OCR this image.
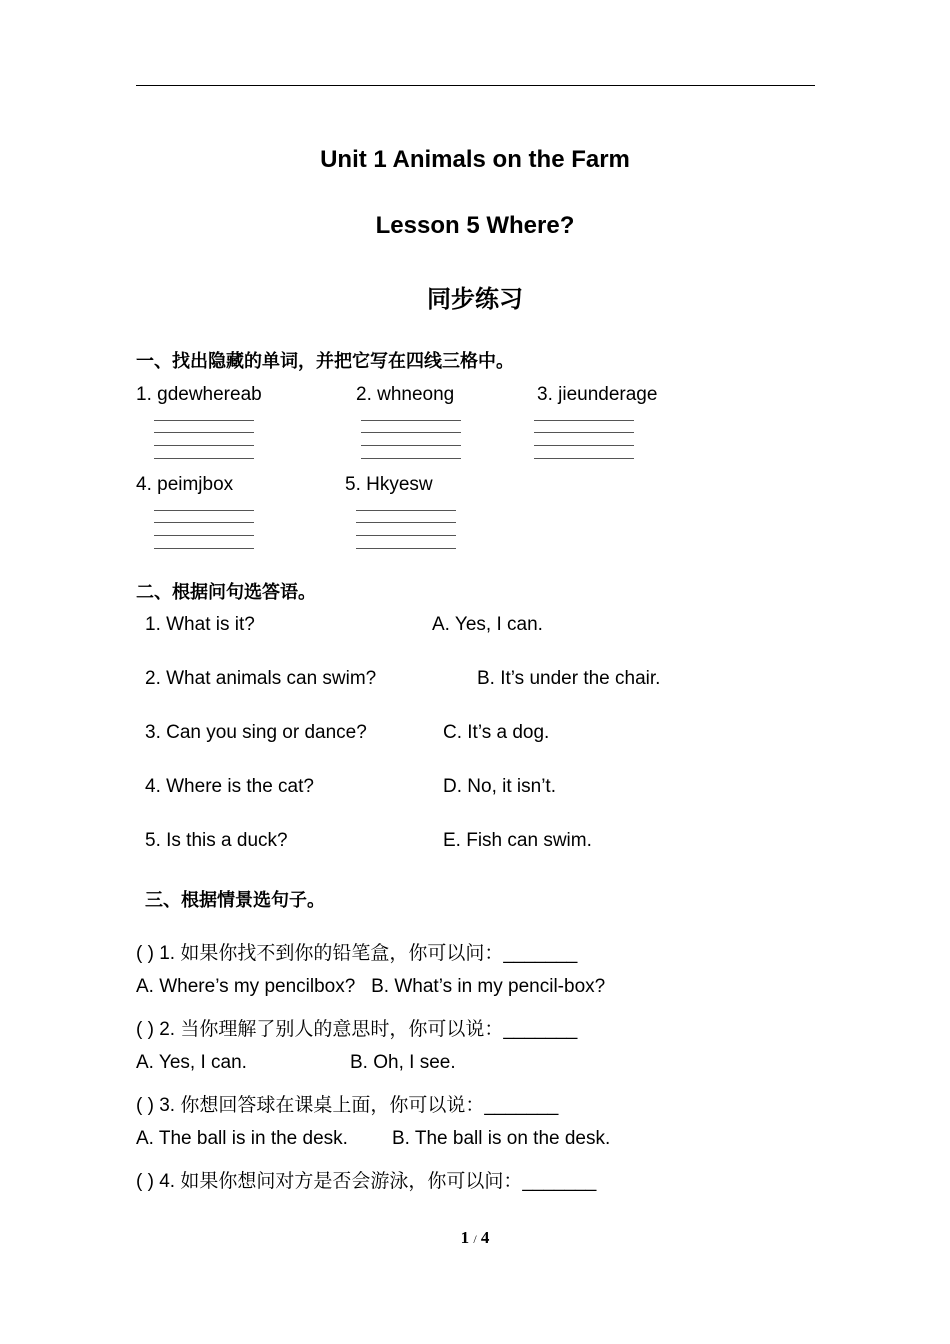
Unit 1 Animals on the Farm
Lesson 5 Where?
同步练习
一、找出隐藏的单词，并把它写在四线三格中。
1. gdewhereab	2. whneong	3. jieunderage
4. peimjbox	5. Hkyesw
二、根据问句选答语。
1. What is it?	A. Yes, I can.
2. What animals can swim?	B. It’s under the chair.
3. Can you sing or dance?	C. It’s a dog.
4. Where is the cat?	D. No, it isn’t.
5. Is this a duck?	E. Fish can swim.
三、根据情景选句子。
( ) 1. 如果你找不到你的铅笔盒，你可以问：_______
A. Where’s my pencilbox?   B. What’s in my pencil-box?
( ) 2. 当你理解了别人的意思时，你可以说：_______
A. Yes, I can.	B. Oh, I see.
( ) 3. 你想回答球在课桌上面，你可以说：_______
A. The ball is in the desk. B. The ball is on the desk.
( ) 4. 如果你想问对方是否会游泳，你可以问：_______
1 / 4
